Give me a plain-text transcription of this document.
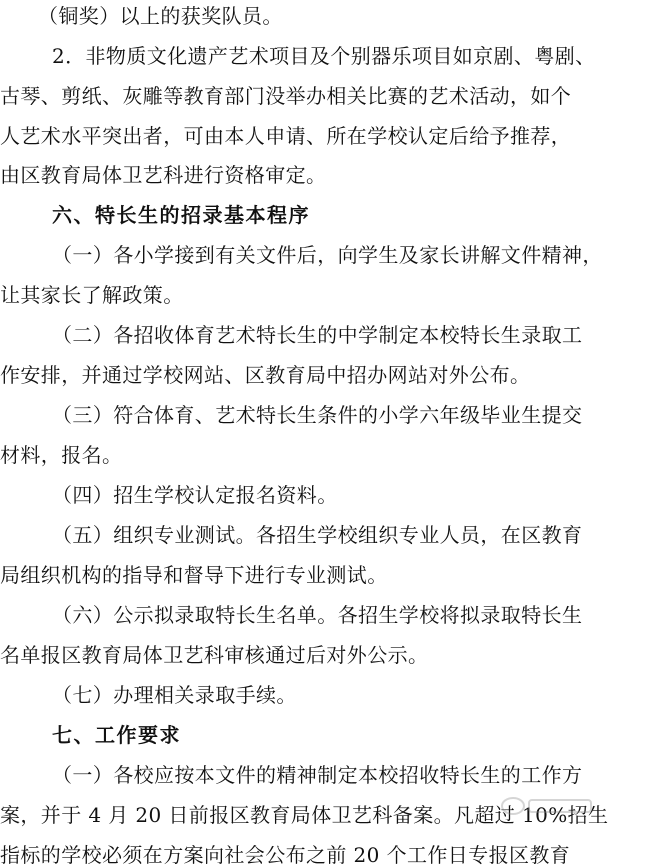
（铜奖）以上的获奖队员。
2．非物质文化遗产艺术项目及个别器乐项目如京剧、粤剧、
古琴、剪纸、灰雕等教育部门没举办相关比赛的艺术活动，如个
人艺术水平突出者，可由本人申请、所在学校认定后给予推荐，
由区教育局体卫艺科进行资格审定。
六、特长生的招录基本程序
（一）各小学接到有关文件后，向学生及家长讲解文件精神，
让其家长了解政策。
（二）各招收体育艺术特长生的中学制定本校特长生录取工
作安排，并通过学校网站、区教育局中招办网站对外公布。
（三）符合体育、艺术特长生条件的小学六年级毕业生提交
材料，报名。
（四）招生学校认定报名资料。
（五）组织专业测试。各招生学校组织专业人员，在区教育
局组织机构的指导和督导下进行专业测试。
（六）公示拟录取特长生名单。各招生学校将拟录取特长生
名单报区教育局体卫艺科审核通过后对外公示。
（七）办理相关录取手续。
七、工作要求
（一）各校应按本文件的精神制定本校招收特长生的工作方
案，并于 4 月 20 日前报区教育局体卫艺科备案。凡超过 10%招生
指标的学校必须在方案向社会公布之前 20 个工作日专报区教育
